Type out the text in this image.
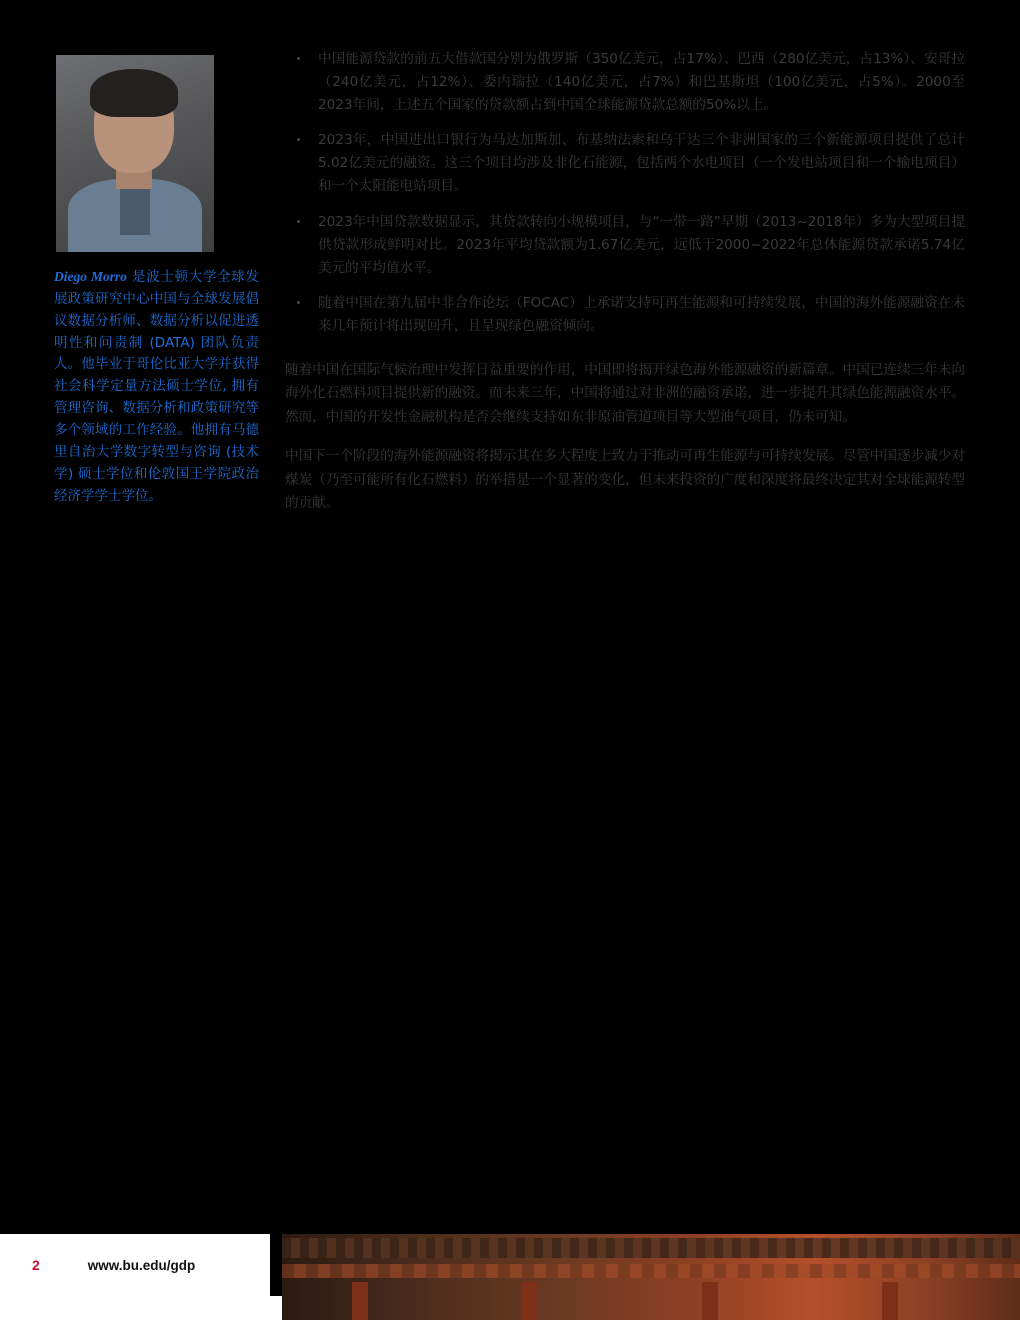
Diego Morro 是波士顿大学全球发展政策研究中心中国与全球发展倡议数据分析师、数据分析以促进透明性和问责制 (DATA) 团队负责人。他毕业于哥伦比亚大学并获得社会科学定量方法硕士学位, 拥有管理咨询、数据分析和政策研究等多个领域的工作经验。他拥有马德里自治大学数字转型与咨询 (技术学) 硕士学位和伦敦国王学院政治经济学学士学位。
中国能源贷款的前五大借款国分别为俄罗斯（350亿美元，占17%）、巴西（280亿美元，占13%）、安哥拉（240亿美元，占12%）、委内瑞拉（140亿美元，占7%）和巴基斯坦（100亿美元，占5%）。2000至2023年间，上述五个国家的贷款额占到中国全球能源贷款总额的50%以上。
2023年，中国进出口银行为马达加斯加、布基纳法索和乌干达三个非洲国家的三个新能源项目提供了总计5.02亿美元的融资。这三个项目均涉及非化石能源，包括两个水电项目（一个发电站项目和一个输电项目）和一个太阳能电站项目。
2023年中国贷款数据显示，其贷款转向小规模项目，与“一带一路”早期（2013~2018年）多为大型项目提供贷款形成鲜明对比。2023年平均贷款额为1.67亿美元，远低于2000~2022年总体能源贷款承诺5.74亿美元的平均值水平。
随着中国在第九届中非合作论坛（FOCAC）上承诺支持可再生能源和可持续发展，中国的海外能源融资在未来几年预计将出现回升，且呈现绿色融资倾向。

随着中国在国际气候治理中发挥日益重要的作用，中国即将揭开绿色海外能源融资的新篇章。中国已连续三年未向海外化石燃料项目提供新的融资。而未来三年，中国将通过对非洲的融资承诺，进一步提升其绿色能源融资水平。然而，中国的开发性金融机构是否会继续支持如东非原油管道项目等大型油气项目，仍未可知。

中国下一个阶段的海外能源融资将揭示其在多大程度上致力于推动可再生能源与可持续发展。尽管中国逐步减少对煤炭（乃至可能所有化石燃料）的举措是一个显著的变化，但未来投资的广度和深度将最终决定其对全球能源转型的贡献。

2	www.bu.edu/gdp
